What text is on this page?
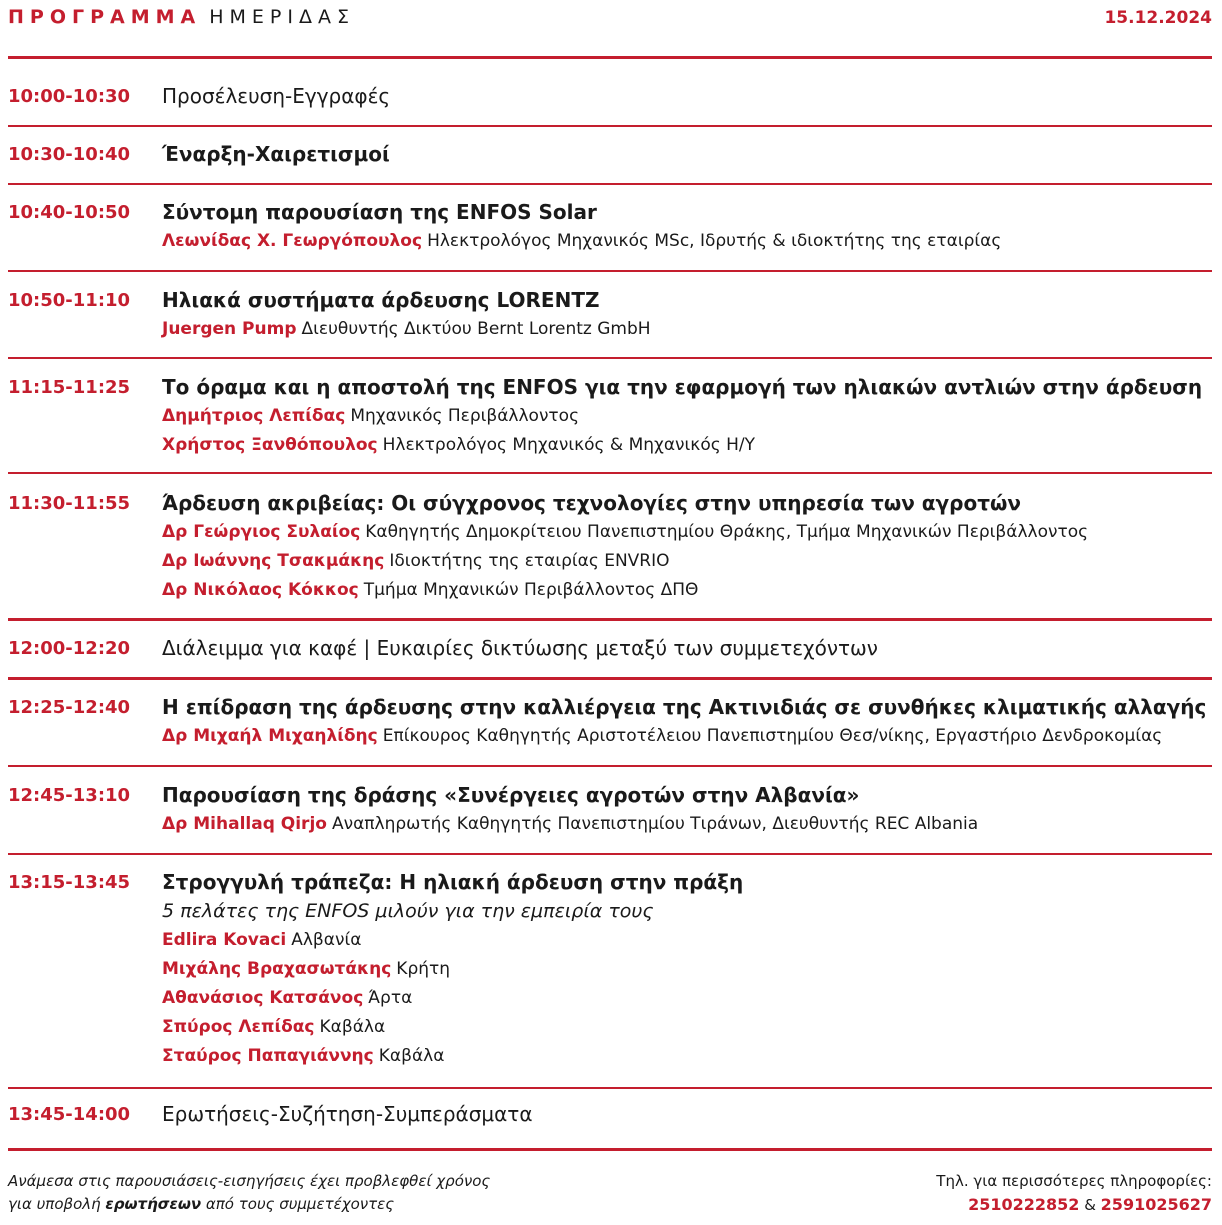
ΠΡΟΓΡΑΜΜΑ ΗΜΕΡΙΔΑΣ	15.12.2024
10:00-10:30	Προσέλευση-Εγγραφές
10:30-10:40	Έναρξη-Χαιρετισμοί
10:40-10:50	Σύντομη παρουσίαση της ENFOS Solar
Λεωνίδας Χ. Γεωργόπουλος Ηλεκτρολόγος Μηχανικός MSc, Ιδρυτής & ιδιοκτήτης της εταιρίας
10:50-11:10	Ηλιακά συστήματα άρδευσης LORENTZ
Juergen Pump Διευθυντής Δικτύου Bernt Lorentz GmbH
11:15-11:25	Το όραμα και η αποστολή της ENFOS για την εφαρμογή των ηλιακών αντλιών στην άρδευση
Δημήτριος Λεπίδας Μηχανικός Περιβάλλοντος
Χρήστος Ξανθόπουλος Ηλεκτρολόγος Μηχανικός & Μηχανικός Η/Υ
11:30-11:55	Άρδευση ακριβείας: Οι σύγχρονος τεχνολογίες στην υπηρεσία των αγροτών
Δρ Γεώργιος Συλαίος Καθηγητής Δημοκρίτειου Πανεπιστημίου Θράκης, Τμήμα Μηχανικών Περιβάλλοντος
Δρ Ιωάννης Τσακμάκης Ιδιοκτήτης της εταιρίας ENVRIO
Δρ Νικόλαος Κόκκος Τμήμα Μηχανικών Περιβάλλοντος ΔΠΘ
12:00-12:20	Διάλειμμα για καφέ | Ευκαιρίες δικτύωσης μεταξύ των συμμετεχόντων
12:25-12:40	Η επίδραση της άρδευσης στην καλλιέργεια της Ακτινιδιάς σε συνθήκες κλιματικής αλλαγής
Δρ Μιχαήλ Μιχαηλίδης Επίκουρος Καθηγητής Αριστοτέλειου Πανεπιστημίου Θεσ/νίκης, Εργαστήριο Δενδροκομίας
12:45-13:10	Παρουσίαση της δράσης «Συνέργειες αγροτών στην Αλβανία»
Δρ Mihallaq Qirjo Αναπληρωτής Καθηγητής Πανεπιστημίου Τιράνων, Διευθυντής REC Albania
13:15-13:45	Στρογγυλή τράπεζα: Η ηλιακή άρδευση στην πράξη
5 πελάτες της ENFOS μιλούν για την εμπειρία τους
Edlira Kovaci Αλβανία
Μιχάλης Βραχασωτάκης Κρήτη
Αθανάσιος Κατσάνος Άρτα
Σπύρος Λεπίδας Καβάλα
Σταύρος Παπαγιάννης Καβάλα
13:45-14:00	Ερωτήσεις-Συζήτηση-Συμπεράσματα
Ανάμεσα στις παρουσιάσεις-εισηγήσεις έχει προβλεφθεί χρόνος
για υποβολή ερωτήσεων από τους συμμετέχοντες
Τηλ. για περισσότερες πληροφορίες:
2510222852 & 2591025627
